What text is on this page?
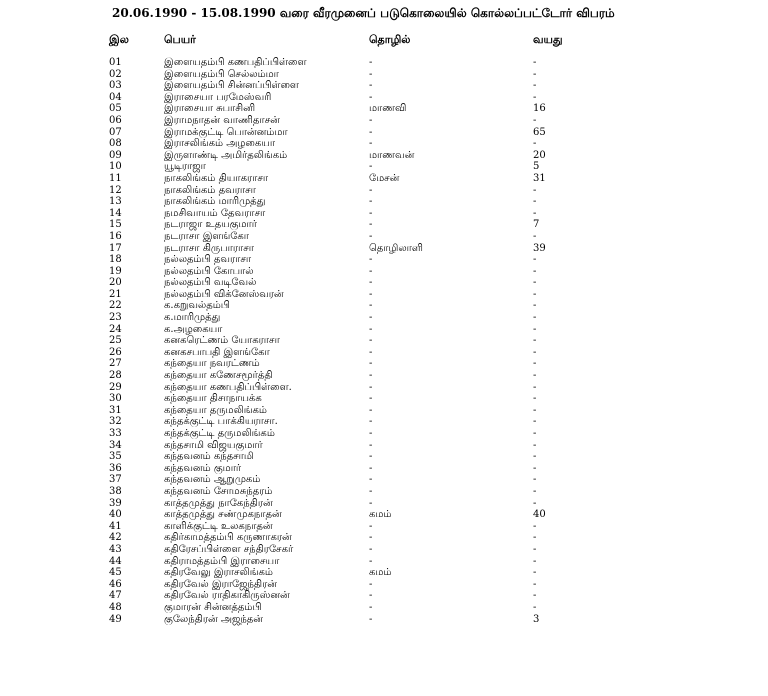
20.06.1990 - 15.08.1990 வரை வீரமுனைப் படுகொலையில் கொல்லப்பட்டோர் விபரம்
இல	பெயர்	தொழில்	வயது
01	இளையதம்பி கணபதிப்பிள்ளை	-	-
02	இளையதம்பி செல்லம்மா	-	-
03	இளையதம்பி சின்னப்பிள்ளை	-	-
04	இராசையா பரமேஸ்வரி	-	-
05	இராசையா சுபாசினி	மாணவி	16
06	இராமநாதன் வாணிதாசன்	-	-
07	இராமக்குட்டி பொன்னம்மா	-	65
08	இராசலிங்கம் அழகையா	-	-
09	இருளாண்டி அமிர்தலிங்கம்	மாணவன்	20
10	யூடிராஜா	-	5
11	நாகலிங்கம் தியாகராசா	மேசன்	31
12	நாகலிங்கம் தவராசா	-	-
13	நாகலிங்கம் மாரிமுத்து	-	-
14	நமசிவாயம் தேவராசா	-	-
15	நடராஜா உதயகுமார்	-	7
16	நடராசா இளங்கோ	-	-
17	நடராசா கிருபாராசா	தொழிலாளி	39
18	நல்லதம்பி தவராசா	-	-
19	நல்லதம்பி கோபால்	-	-
20	நல்லதம்பி வடிவேல்	-	-
21	நல்லதம்பி விக்னேஸ்வரன்	-	-
22	க.கறுவல்தம்பி	-	-
23	க.மாரிமுத்து	-	-
24	க.அழகையா	-	-
25	கனகரெட்ணம் யோகராசா	-	-
26	கனகசபாபதி இளங்கோ	-	-
27	கந்தையா நவரட்ணம்	-	-
28	கந்தையா கணேசமூர்த்தி	-	-
29	கந்தையா கணபதிப்பிள்ளை.	-	-
30	கந்தையா திசாநாயக்க	-	-
31	கந்தையா தருமலிங்கம்	-	-
32	கந்தக்குட்டி பாக்கியராசா.	-	-
33	கந்தக்குட்டி தருமலிங்கம்	-	-
34	கந்தசாமி விஜயகுமார்	-	-
35	கந்தவனம் கந்தசாமி	-	-
36	கந்தவனம் குமார்	-	-
37	கந்தவனம் ஆறுமுகம்	-	-
38	கந்தவனம் சோமசுந்தரம்	-	-
39	காத்தமுத்து நாகேந்திரன்	-	-
40	காத்தமுத்து சண்முகநாதன்	கமம்	40
41	காளிக்குட்டி உலகநாதன்	-	-
42	கதிர்காமத்தம்பி கருணாகரன்	-	-
43	கதிரேசப்பிள்ளை சந்திரசேகர்	-	-
44	கதிராமத்தம்பி இராசையா	-	-
45	கதிரவேலு இராசலிங்கம்	கமம்	-
46	கதிரவேல் இராஜேந்திரன்	-	-
47	கதிரவேல் ராதிகாகிருஸ்னன்	-	-
48	குமாரன் சின்னத்தம்பி	-	-
49	குலேந்திரன் அஜந்தன்	-	3
